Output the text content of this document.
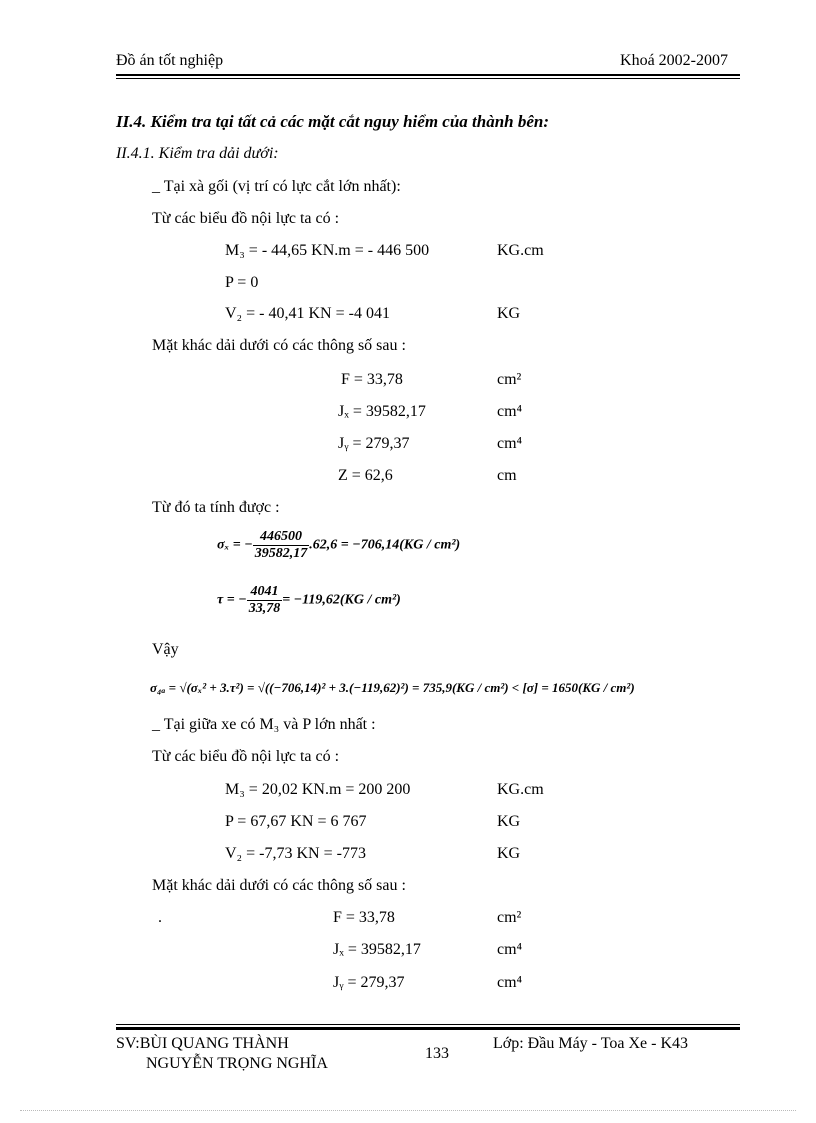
Đồ án tốt nghiệp	Khoá 2002-2007
II.4. Kiểm tra tại tất cả các mặt cắt nguy hiểm của thành bên:
II.4.1. Kiểm tra dải dưới:
_ Tại xà gối (vị trí có lực cắt lớn nhất):
Từ các biểu đồ nội lực ta có :
M₃ = - 44,65 KN.m = - 446 500	KG.cm
P = 0
V₂ = - 40,41 KN = -4 041	KG
Mặt khác dải dưới có các thông số sau :
F = 33,78	cm²
Jₓ = 39582,17	cm⁴
Jᵧ = 279,37	cm⁴
Z = 62,6	cm
Từ đó ta tính được :
σₓ = − $\frac{446500}{39582,17} .62,6 = -706,14(KG / cm^2)$
τ = − $\frac{4041}{33,78} = -119,62(KG / cm^2)$
Vậy
σ₄ₐ = √(σₓ² + 3.τ²) = √((−706,14)² + 3.(−119,62)²) = 735,9(KG / cm²) < [σ] = 1650(KG / cm²)
_ Tại giữa xe có M₃ và P lớn nhất :
Từ các biểu đồ nội lực ta có :
M₃ = 20,02 KN.m = 200 200	KG.cm
P = 67,67 KN = 6 767	KG
V₂ = -7,73 KN = -773	KG
Mặt khác dải dưới có các thông số sau :
.	F = 33,78	cm²
Jₓ = 39582,17	cm⁴
Jᵧ = 279,37	cm⁴
SV:BÙI QUANG THÀNH
NGUYỄN TRỌNG NGHĨA
133
Lớp: Đầu Máy - Toa Xe - K43
